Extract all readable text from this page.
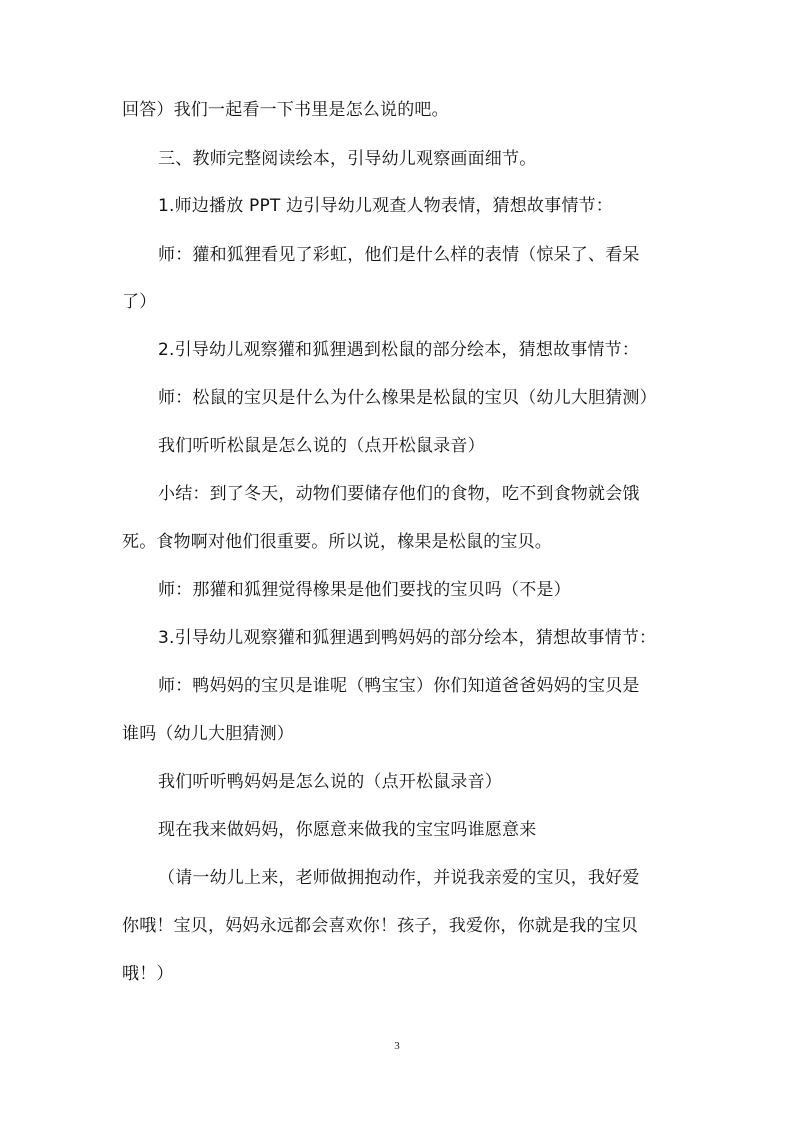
回答）我们一起看一下书里是怎么说的吧。
三、教师完整阅读绘本，引导幼儿观察画面细节。
1.师边播放 PPT 边引导幼儿观查人物表情，猜想故事情节：
师：獾和狐狸看见了彩虹，他们是什么样的表情（惊呆了、看呆
了）
2.引导幼儿观察獾和狐狸遇到松鼠的部分绘本，猜想故事情节：
师：松鼠的宝贝是什么为什么橡果是松鼠的宝贝（幼儿大胆猜测）
我们听听松鼠是怎么说的（点开松鼠录音）
小结：到了冬天，动物们要储存他们的食物，吃不到食物就会饿
死。食物啊对他们很重要。所以说，橡果是松鼠的宝贝。
师：那獾和狐狸觉得橡果是他们要找的宝贝吗（不是）
3.引导幼儿观察獾和狐狸遇到鸭妈妈的部分绘本，猜想故事情节：
师：鸭妈妈的宝贝是谁呢（鸭宝宝）你们知道爸爸妈妈的宝贝是
谁吗（幼儿大胆猜测）
我们听听鸭妈妈是怎么说的（点开松鼠录音）
现在我来做妈妈，你愿意来做我的宝宝吗谁愿意来
（请一幼儿上来，老师做拥抱动作，并说我亲爱的宝贝，我好爱
你哦！宝贝，妈妈永远都会喜欢你！孩子，我爱你，你就是我的宝贝
哦！）
3
